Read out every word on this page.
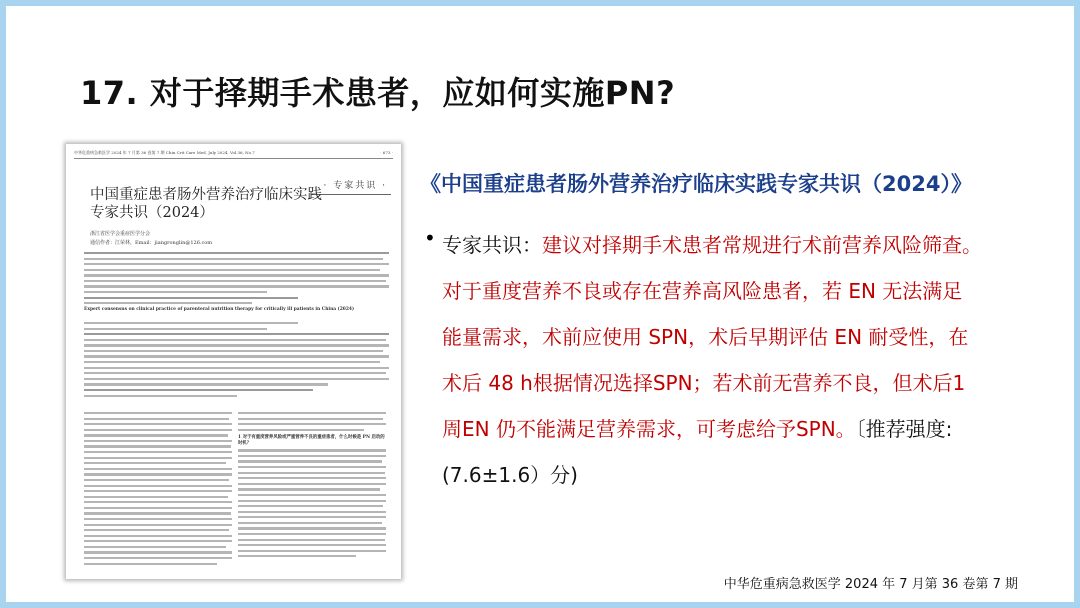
17. 对于择期手术患者，应如何实施PN?
中华危重病急救医学 2024 年 7 月第 36 卷第 7 期 Chin Crit Care Med, July 2024, Vol.36, No.7	· 673 ·
· 专家共识 ·
中国重症患者肠外营养治疗临床实践
专家共识（2024）
浙江省医学会重症医学分会
通信作者：江荣林，Email：jiangronglin@126.com
Expert consensus on clinical practice of parenteral nutrition therapy for critically ill patients in China (2024)
1 对于有重度营养风险或严重营养不良的重症患者，什么时候是 PN 启动的时机？
《中国重症患者肠外营养治疗临床实践专家共识（2024）》
• 专家共识：建议对择期手术患者常规进行术前营养风险筛查。

对于重度营养不良或存在营养高风险患者，若 EN 无法满足

能量需求，术前应使用 SPN，术后早期评估 EN 耐受性，在

术后 48 h根据情况选择SPN；若术前无营养不良，但术后1

周EN 仍不能满足营养需求，可考虑给予SPN。〔推荐强度:

(7.6±1.6）分)

中华危重病急救医学 2024 年 7 月第 36 卷第 7 期
